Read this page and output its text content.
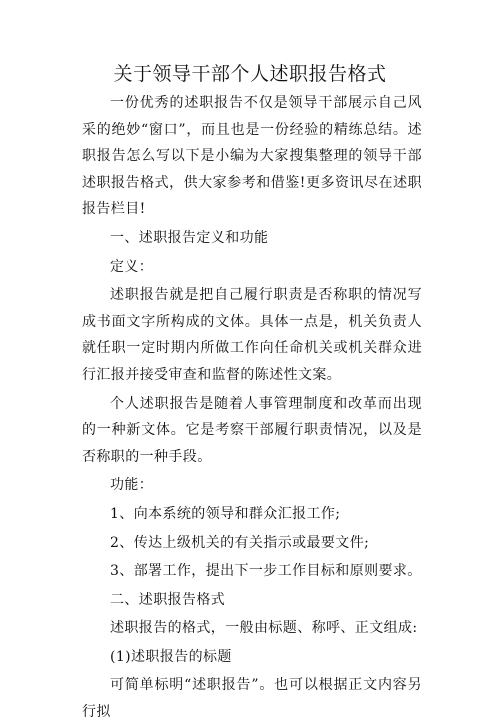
关于领导干部个人述职报告格式

一份优秀的述职报告不仅是领导干部展示自己风采的绝妙“窗口”，而且也是一份经验的精练总结。述职报告怎么写以下是小编为大家搜集整理的领导干部述职报告格式，供大家参考和借鉴!更多资讯尽在述职报告栏目!

一、述职报告定义和功能

定义：

述职报告就是把自己履行职责是否称职的情况写成书面文字所构成的文体。具体一点是，机关负责人就任职一定时期内所做工作向任命机关或机关群众进行汇报并接受审查和监督的陈述性文案。

个人述职报告是随着人事管理制度和改革而出现的一种新文体。它是考察干部履行职责情况，以及是否称职的一种手段。

功能：

1、向本系统的领导和群众汇报工作;

2、传达上级机关的有关指示或最要文件;

3、部署工作，提出下一步工作目标和原则要求。

二、述职报告格式

述职报告的格式，一般由标题、称呼、正文组成:

(1)述职报告的标题

可简单标明“述职报告”。也可以根据正文内容另行拟
